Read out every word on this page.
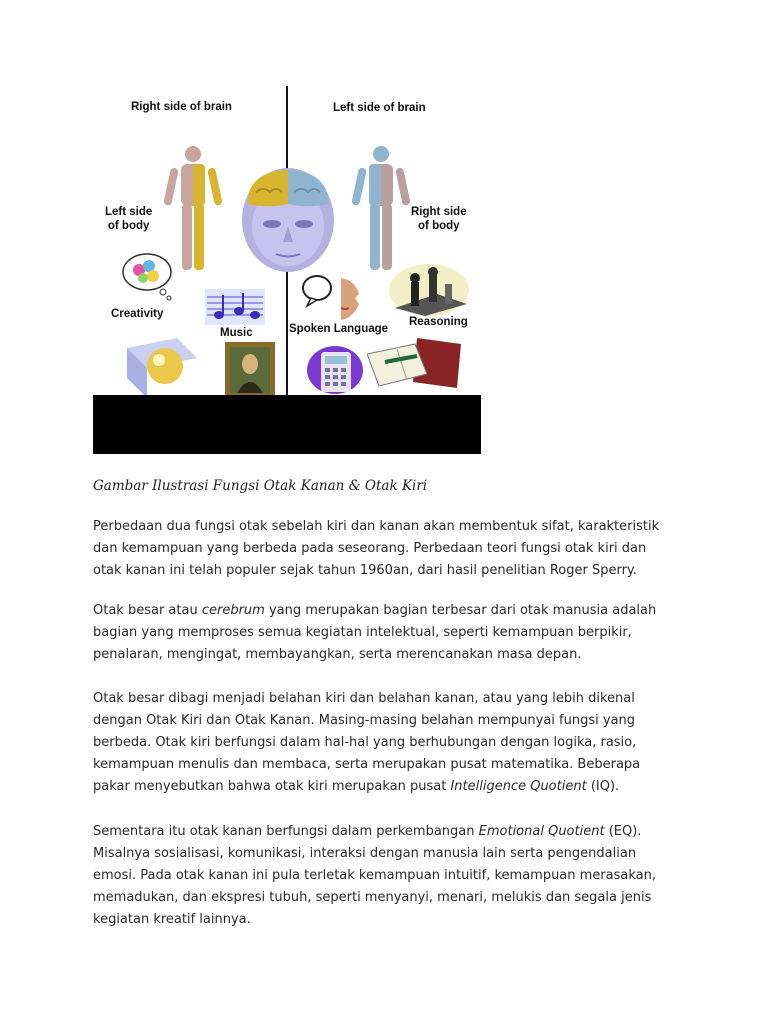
Right side of brain	Left side of brain
Left side
of body
Right side
of body
Creativity
Music	Spoken Language
Reasoning
Gambar Ilustrasi Fungsi Otak Kanan & Otak Kiri

Perbedaan dua fungsi otak sebelah kiri dan kanan akan membentuk sifat, karakteristik dan kemampuan yang berbeda pada seseorang. Perbedaan teori fungsi otak kiri dan otak kanan ini telah populer sejak tahun 1960an, dari hasil penelitian Roger Sperry.

Otak besar atau cerebrum yang merupakan bagian terbesar dari otak manusia adalah bagian yang memproses semua kegiatan intelektual, seperti kemampuan berpikir, penalaran, mengingat, membayangkan, serta merencanakan masa depan.

Otak besar dibagi menjadi belahan kiri dan belahan kanan, atau yang lebih dikenal dengan Otak Kiri dan Otak Kanan. Masing-masing belahan mempunyai fungsi yang berbeda. Otak kiri berfungsi dalam hal-hal yang berhubungan dengan logika, rasio, kemampuan menulis dan membaca, serta merupakan pusat matematika. Beberapa pakar menyebutkan bahwa otak kiri merupakan pusat Intelligence Quotient (IQ).

Sementara itu otak kanan berfungsi dalam perkembangan Emotional Quotient (EQ). Misalnya sosialisasi, komunikasi, interaksi dengan manusia lain serta pengendalian emosi. Pada otak kanan ini pula terletak kemampuan intuitif, kemampuan merasakan, memadukan, dan ekspresi tubuh, seperti menyanyi, menari, melukis dan segala jenis kegiatan kreatif lainnya.
